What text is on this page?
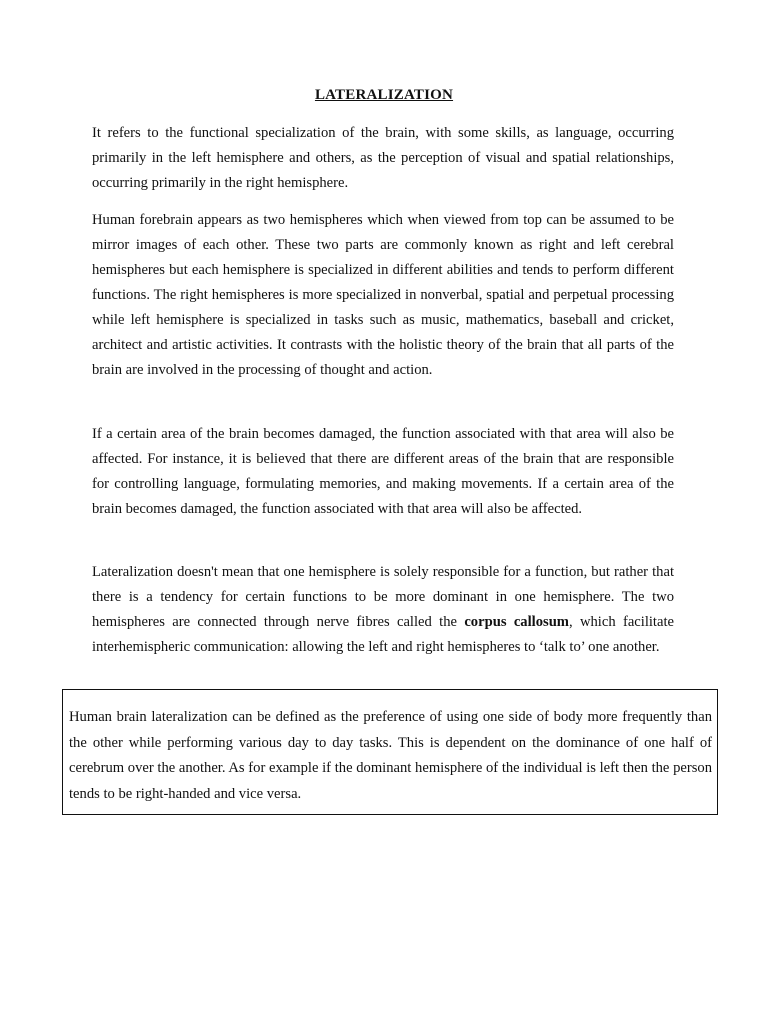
LATERALIZATION

It refers to the functional specialization of the brain, with some skills, as language, occurring primarily in the left hemisphere and others, as the perception of visual and spatial relationships, occurring primarily in the right hemisphere.

Human forebrain appears as two hemispheres which when viewed from top can be assumed to be mirror images of each other. These two parts are commonly known as right and left cerebral hemispheres but each hemisphere is specialized in different abilities and tends to perform different functions. The right hemispheres is more specialized in nonverbal, spatial and perpetual processing while left hemisphere is specialized in tasks such as music, mathematics, baseball and cricket, architect and artistic activities. It contrasts with the holistic theory of the brain that all parts of the brain are involved in the processing of thought and action.

If a certain area of the brain becomes damaged, the function associated with that area will also be affected. For instance, it is believed that there are different areas of the brain that are responsible for controlling language, formulating memories, and making movements. If a certain area of the brain becomes damaged, the function associated with that area will also be affected.

Lateralization doesn't mean that one hemisphere is solely responsible for a function, but rather that there is a tendency for certain functions to be more dominant in one hemisphere. The two hemispheres are connected through nerve fibres called the corpus callosum, which facilitate interhemispheric communication: allowing the left and right hemispheres to ‘talk to’ one another.

Human brain lateralization can be defined as the preference of using one side of body more frequently than the other while performing various day to day tasks. This is dependent on the dominance of one half of cerebrum over the another. As for example if the dominant hemisphere of the individual is left then the person tends to be right-handed and vice versa.
